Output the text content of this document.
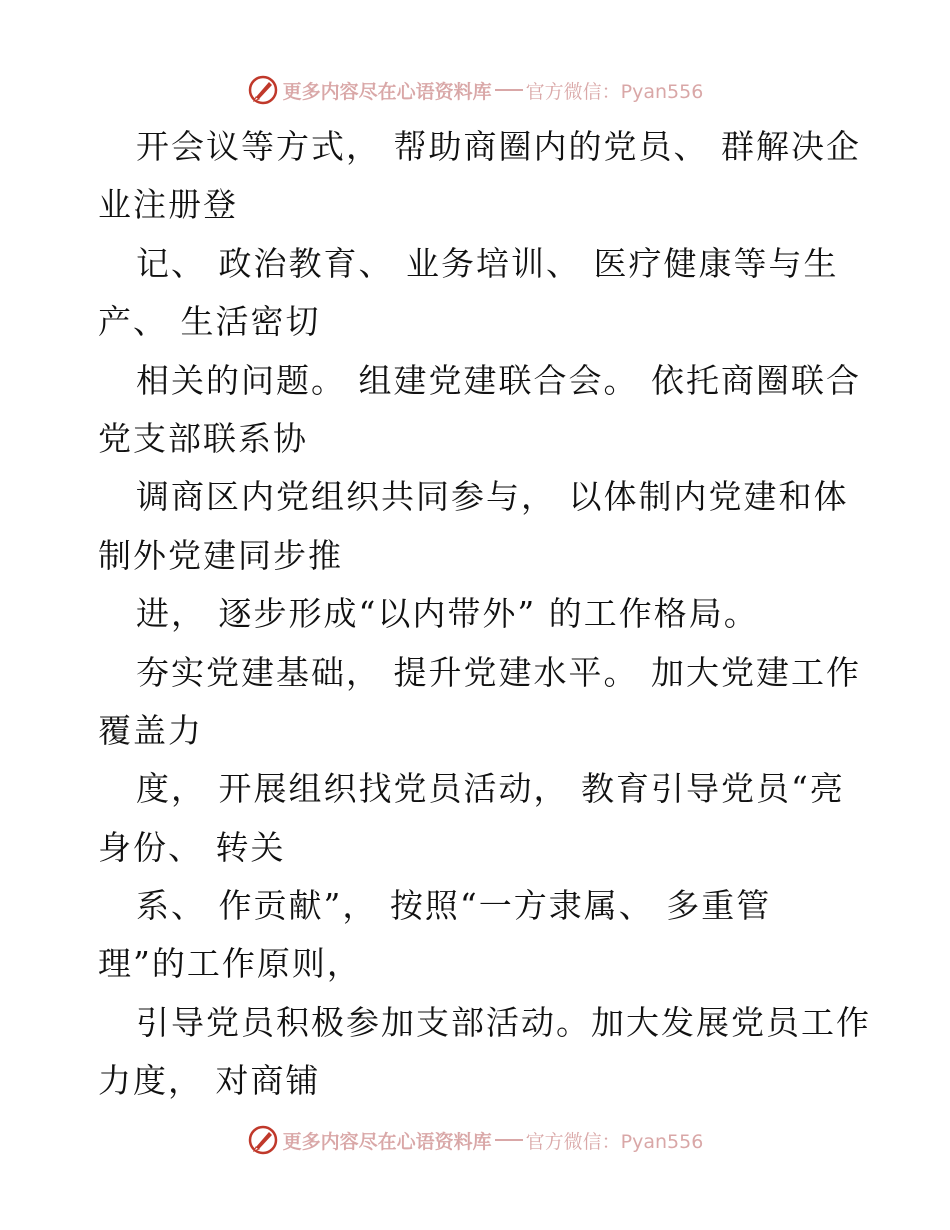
更多内容尽在心语资料库 官方微信：Pyan556
开会议等方式， 帮助商圈内的党员、 群解决企
业注册登
记、 政治教育、 业务培训、 医疗健康等与生
产、 生活密切
相关的问题。 组建党建联合会。 依托商圈联合
党支部联系协
调商区内党组织共同参与， 以体制内党建和体
制外党建同步推
进， 逐步形成“以内带外” 的工作格局。
夯实党建基础， 提升党建水平。 加大党建工作
覆盖力
度， 开展组织找党员活动， 教育引导党员“亮
身份、 转关
系、 作贡献”， 按照“一方隶属、 多重管
理”的工作原则，
引导党员积极参加支部活动。加大发展党员工作
力度， 对商铺
更多内容尽在心语资料库 官方微信：Pyan556
